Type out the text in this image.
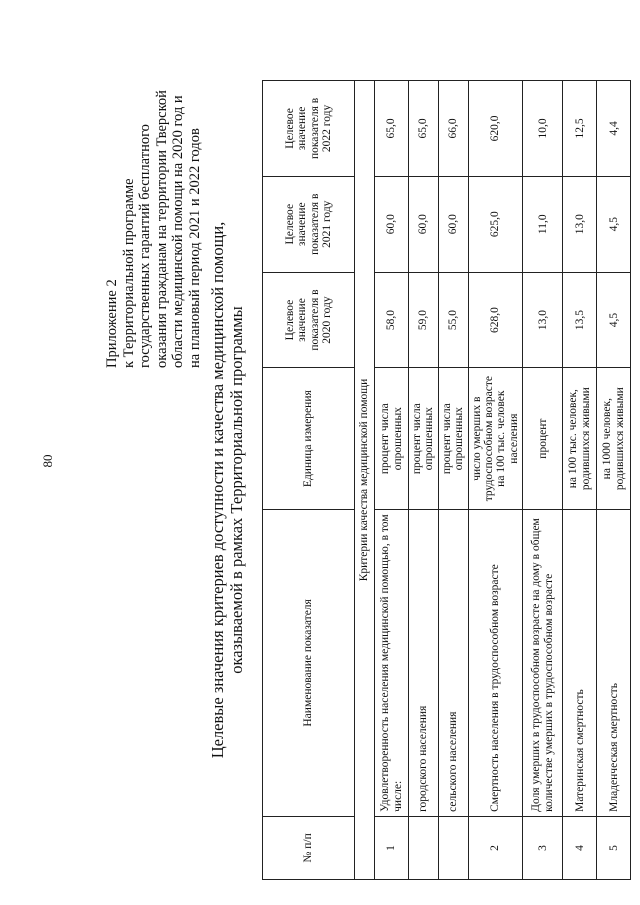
80
Приложение 2 к Территориальной программе государственных гарантий бесплатного оказания гражданам на территории Тверской области медицинской помощи на 2020 год и на плановый период 2021 и 2022 годов Целевые значения критериев доступности и качества медицинской помощи, оказываемой в рамках Территориальной программы
№ п/п	Наименование показателя	Единица измерения	Целевое значение показателя в 2020 году	Целевое значение показателя в 2021 году	Целевое значение показателя в 2022 году
Критерии качества медицинской помощи					
1	Удовлетворенность населения медицинской помощью, в том числе:	процент числа опрошенных	58,0	60,0	65,0
	городского населения	процент числа опрошенных	59,0	60,0	65,0
	сельского населения	процент числа опрошенных	55,0	60,0	66,0
2	Смертность населения в трудоспособном возрасте	число умерших в трудоспособном возрасте на 100 тыс. человек населения	628,0	625,0	620,0
3	Доля умерших в трудоспособном возрасте на дому в общем количестве умерших в трудоспособном возрасте	процент	13,0	11,0	10,0
4	Материнская смертность	на 100 тыс. человек, родившихся живыми	13,5	13,0	12,5
5	Младенческая смертность	на 1000 человек, родившихся живыми	4,5	4,5	4,4
